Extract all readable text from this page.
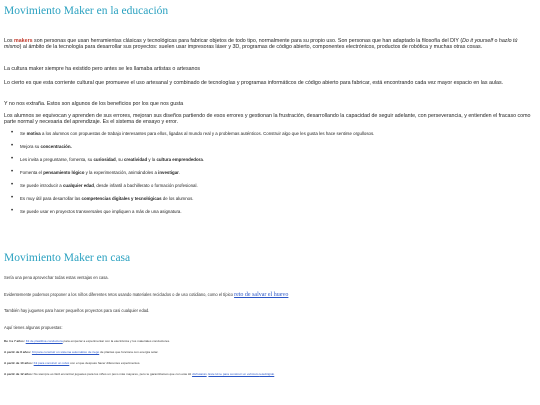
Movimiento Maker en la educación

Los makers son personas que usan herramientas clásicas y tecnológicas para fabricar objetos de todo tipo, normalmente para su propio uso. Son personas que han adaptado la filosofía del DIY (Do it yourself o hazlo tú mismo) al ámbito de la tecnología para desarrollar sus proyectos: suelen usar impresoras láser y 3D, programas de código abierto, componentes electrónicos, productos de robótica y muchas otras cosas.

La cultura maker siempre ha existido pero antes se les llamaba artistas o artesanos

Lo cierto es que esta corriente cultural que promueve el uso artesanal y combinado de tecnologías y programas informáticos de código abierto para fabricar, está encontrando cada vez mayor espacio en las aulas.

Y no nos extraña. Estos son algunos de los beneficios por los que nos gusta

Los alumnos se equivocan y aprenden de sus errores, mejoran sus diseños partiendo de esos errores y gestionan la frustración, desarrollando la capacidad de seguir adelante, con perseverancia, y entienden el fracaso como parte normal y necesaria del aprendizaje. Es el sistema de ensayo y error.

• Se motiva a los alumnos con propuestas de trabajo interesantes para ellos, ligadas al mundo real y a problemas auténticos. Construir algo que les gusta les hace sentirse orgullosos.
• Mejora su concentración.
• Les invita a preguntarse, fomenta, su curiosidad, su creatividad y la cultura emprendedora.
• Fomenta el pensamiento lógico y la experimentación, animándoles a investigar.
• Se puede introducir a cualquier edad, desde infantil a bachillerato o formación profesional.
• Es muy útil para desarrollar las competencias digitales y tecnológicas de los alumnos.
• Se puede usar en proyectos transversales que impliquen a más de una asignatura.
Movimiento Maker en casa

Sería una pena aprovechar todas estas ventajas en casa.

Evidentemente podemos proponer a los niños diferentes retos usando materiales reciclados o de uso cotidiano, como el típico reto de salvar el huevo

También hay juguetes para hacer pequeños proyectos para casi cualquier edad.

Aquí tienes algunas propuestas:

De 4 a 7 años: Kit de plastilina conductora para empezar a experimentar con la electrónica y los materiales conductores.

A partir de 8 años: Kit para construir un sistema automático de riego de plantas que funciona con energía solar.

A partir de 10 años: Kit para construir un robot con el que después hacer diferentes experimentos.

A partir de 12 años: No siempre es fácil encontrar juguetes para los niños un poco más mayores, pero te garantizamos que con este kit disfrutarán. Este kit te para construir un vehículo teledirigido
